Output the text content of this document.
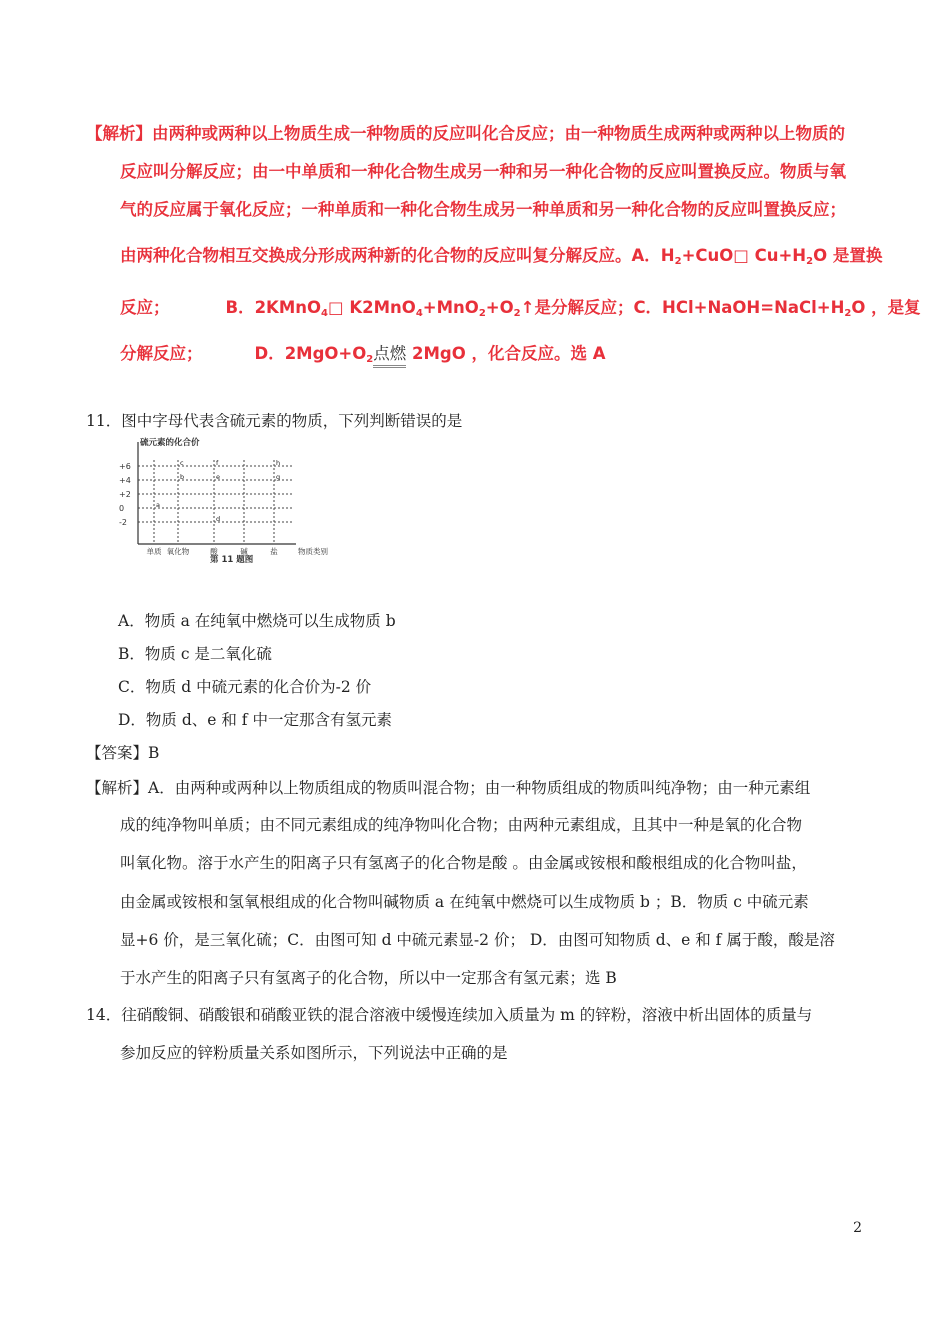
【解析】由两种或两种以上物质生成一种物质的反应叫化合反应；由一种物质生成两种或两种以上物质的
反应叫分解反应；由一中单质和一种化合物生成另一种和另一种化合物的反应叫置换反应。物质与氧
气的反应属于氧化反应；一种单质和一种化合物生成另一种单质和另一种化合物的反应叫置换反应；
由两种化合物相互交换成分形成两种新的化合物的反应叫复分解反应。A．$H_2+CuO□$ $Cu+H_2O$ 是置换
反应；	B．2KMnO$_4$□ $K2MnO_4+MnO_2+O_2↑$是分解反应；C．$HCl+NaOH=NaCl+H_2O$ ，是复
分解反应；	D．$2MgO+O_2$点燃 2MgO ，化合反应。选 A
11．图中字母代表含硫元素的物质，下列判断错误的是
硫元素的化合价
+6
+4
+2
0
-2
单质 氧化物	酸	碱	盐
a
b
c
d
e
f
g
h
物质类别
第 11 题图
A．物质 a 在纯氧中燃烧可以生成物质 b
B．物质 c 是二氧化硫
C．物质 d 中硫元素的化合价为-2 价
D．物质 d、e 和 f 中一定那含有氢元素
【答案】B
【解析】A．由两种或两种以上物质组成的物质叫混合物；由一种物质组成的物质叫纯净物；由一种元素组
成的纯净物叫单质；由不同元素组成的纯净物叫化合物；由两种元素组成，且其中一种是氧的化合物
叫氧化物。溶于水产生的阳离子只有氢离子的化合物是酸 。由金属或铵根和酸根组成的化合物叫盐，
由金属或铵根和氢氧根组成的化合物叫碱物质 a 在纯氧中燃烧可以生成物质 b ；B．物质 c 中硫元素
显+6 价，是三氧化硫；C．由图可知 d 中硫元素显-2 价； D．由图可知物质 d、e 和 f 属于酸，酸是溶
于水产生的阳离子只有氢离子的化合物，所以中一定那含有氢元素；选 B
14．往硝酸铜、硝酸银和硝酸亚铁的混合溶液中缓慢连续加入质量为 m 的锌粉，溶液中析出固体的质量与
参加反应的锌粉质量关系如图所示，下列说法中正确的是
2
